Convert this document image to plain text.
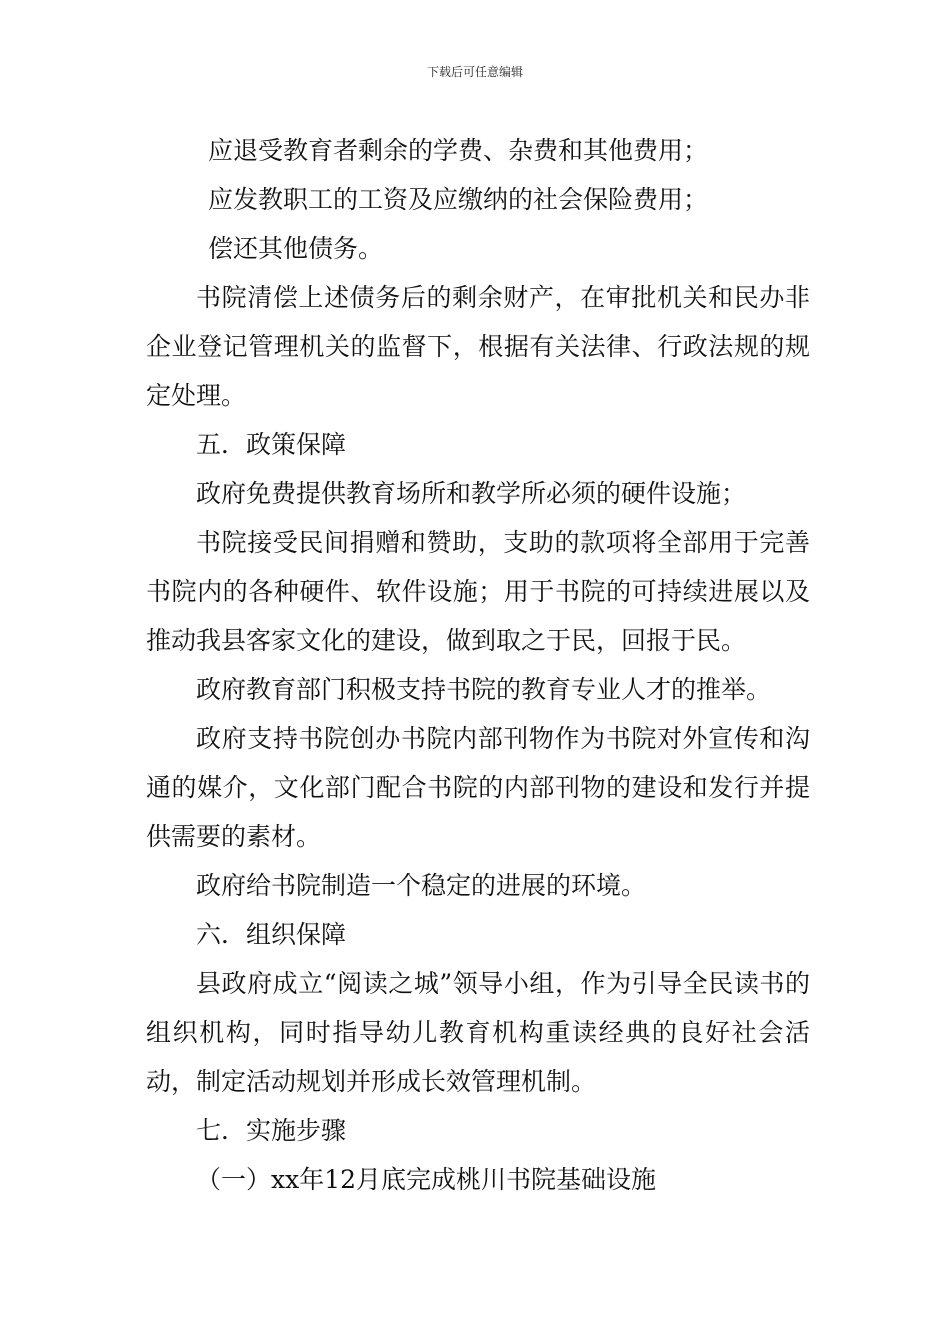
下载后可任意编辑

应退受教育者剩余的学费、杂费和其他费用；

应发教职工的工资及应缴纳的社会保险费用；

偿还其他债务。

书院清偿上述债务后的剩余财产，在审批机关和民办非企业登记管理机关的监督下，根据有关法律、行政法规的规定处理。

五．政策保障

政府免费提供教育场所和教学所必须的硬件设施；

书院接受民间捐赠和赞助，支助的款项将全部用于完善书院内的各种硬件、软件设施；用于书院的可持续进展以及推动我县客家文化的建设，做到取之于民，回报于民。

政府教育部门积极支持书院的教育专业人才的推举。

政府支持书院创办书院内部刊物作为书院对外宣传和沟通的媒介，文化部门配合书院的内部刊物的建设和发行并提供需要的素材。

政府给书院制造一个稳定的进展的环境。

六．组织保障

县政府成立“阅读之城”领导小组，作为引导全民读书的组织机构，同时指导幼儿教育机构重读经典的良好社会活动，制定活动规划并形成长效管理机制。

七．实施步骤

（一）xx年12月底完成桃川书院基础设施
